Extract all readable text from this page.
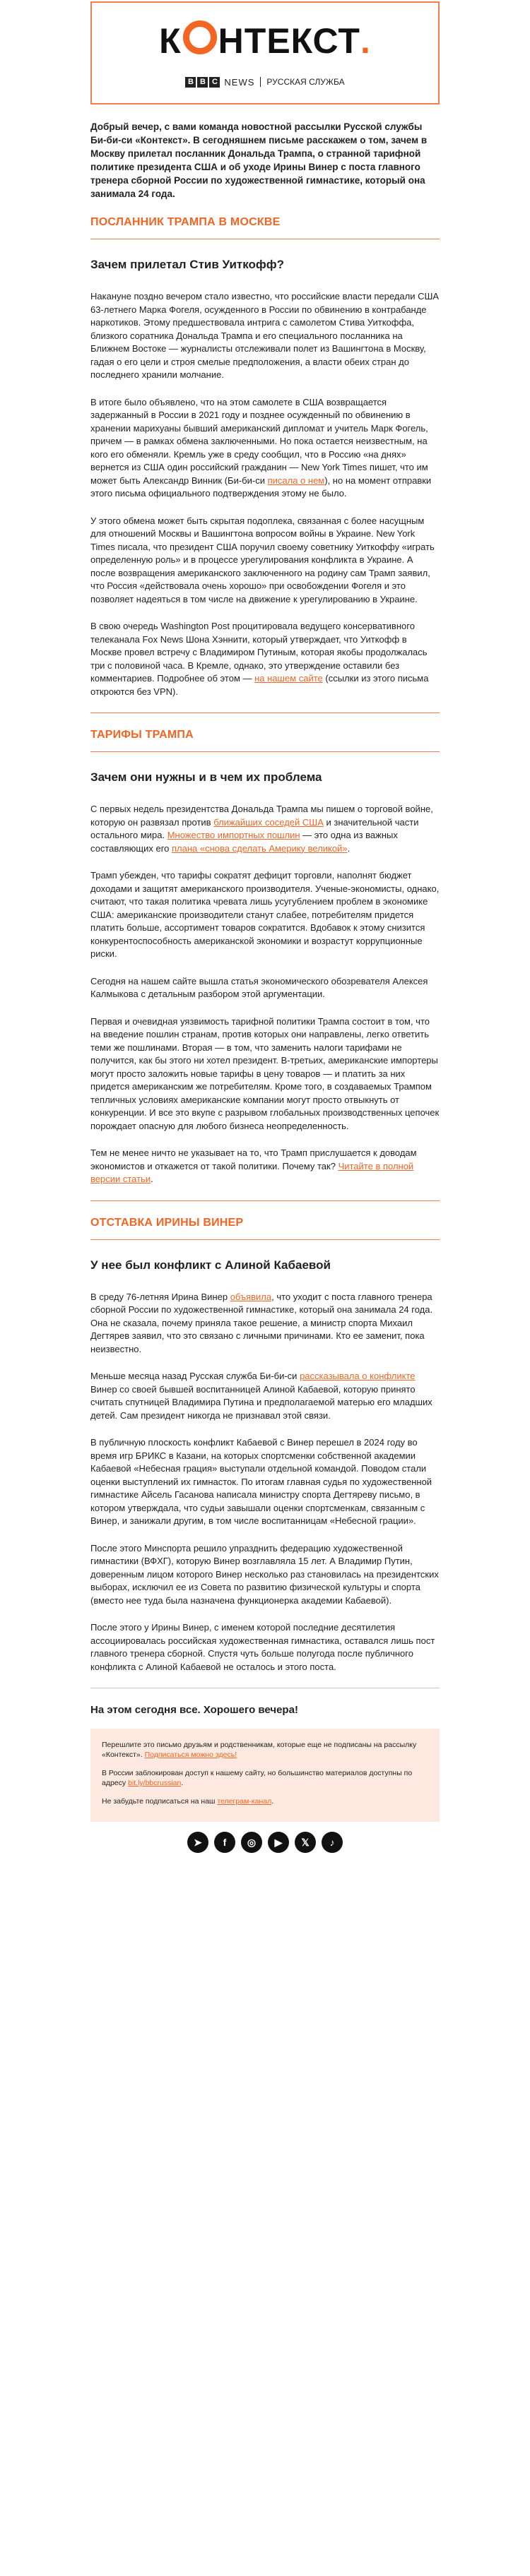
К НТЕКСТ .
B B C NEWS РУССКАЯ СЛУЖБА
Добрый вечер, с вами команда новостной рассылки Русской службы Би-би-си «Контекст». В сегодняшнем письме расскажем о том, зачем в Москву прилетал посланник Дональда Трампа, о странной тарифной политике президента США и об уходе Ирины Винер с поста главного тренера сборной России по художественной гимнастике, который она занимала 24 года.
ПОСЛАННИК ТРАМПА В МОСКВЕ
Зачем прилетал Стив Уиткофф?

Накануне поздно вечером стало известно, что российские власти передали США 63-летнего Марка Фогеля, осужденного в России по обвинению в контрабанде наркотиков. Этому предшествовала интрига с самолетом Стива Уиткоффа, близкого соратника Дональда Трампа и его специального посланника на Ближнем Востоке — журналисты отслеживали полет из Вашингтона в Москву, гадая о его цели и строя смелые предположения, а власти обеих стран до последнего хранили молчание.

В итоге было объявлено, что на этом самолете в США возвращается задержанный в России в 2021 году и позднее осужденный по обвинению в хранении марихуаны бывший американский дипломат и учитель Марк Фогель, причем — в рамках обмена заключенными. Но пока остается неизвестным, на кого его обменяли. Кремль уже в среду сообщил, что в Россию «на днях» вернется из США один российский гражданин — New York Times пишет, что им может быть Александр Винник (Би-би-си писала о нем), но на момент отправки этого письма официального подтверждения этому не было.

У этого обмена может быть скрытая подоплека, связанная с более насущным для отношений Москвы и Вашингтона вопросом войны в Украине. New York Times писала, что президент США поручил своему советнику Уиткоффу «играть определенную роль» и в процессе урегулирования конфликта в Украине. А после возвращения американского заключенного на родину сам Трамп заявил, что Россия «действовала очень хорошо» при освобождении Фогеля и это позволяет надеяться в том числе на движение к урегулированию в Украине.

В свою очередь Washington Post процитировала ведущего консервативного телеканала Fox News Шона Хэннити, который утверждает, что Уиткофф в Москве провел встречу с Владимиром Путиным, которая якобы продолжалась три с половиной часа. В Кремле, однако, это утверждение оставили без комментариев. Подробнее об этом — на нашем сайте (ссылки из этого письма откроются без VPN).

ТАРИФЫ ТРАМПА
Зачем они нужны и в чем их проблема

С первых недель президентства Дональда Трампа мы пишем о торговой войне, которую он развязал против ближайших соседей США и значительной части остального мира. Множество импортных пошлин — это одна из важных составляющих его плана «снова сделать Америку великой».

Трамп убежден, что тарифы сократят дефицит торговли, наполнят бюджет доходами и защитят американского производителя. Ученые-экономисты, однако, считают, что такая политика чревата лишь усугублением проблем в экономике США: американские производители станут слабее, потребителям придется платить больше, ассортимент товаров сократится. Вдобавок к этому снизится конкурентоспособность американской экономики и возрастут коррупционные риски.

Сегодня на нашем сайте вышла статья экономического обозревателя Алексея Калмыкова с детальным разбором этой аргументации.

Первая и очевидная уязвимость тарифной политики Трампа состоит в том, что на введение пошлин странам, против которых они направлены, легко ответить теми же пошлинами. Вторая — в том, что заменить налоги тарифами не получится, как бы этого ни хотел президент. В-третьих, американские импортеры могут просто заложить новые тарифы в цену товаров — и платить за них придется американским же потребителям. Кроме того, в создаваемых Трампом тепличных условиях американские компании могут просто отвыкнуть от конкуренции. И все это вкупе с разрывом глобальных производственных цепочек порождает опасную для любого бизнеса неопределенность.

Тем не менее ничто не указывает на то, что Трамп прислушается к доводам экономистов и откажется от такой политики. Почему так? Читайте в полной версии статьи.

ОТСТАВКА ИРИНЫ ВИНЕР
У нее был конфликт с Алиной Кабаевой

В среду 76-летняя Ирина Винер объявила, что уходит с поста главного тренера сборной России по художественной гимнастике, который она занимала 24 года. Она не сказала, почему приняла такое решение, а министр спорта Михаил Дегтярев заявил, что это связано с личными причинами. Кто ее заменит, пока неизвестно.

Меньше месяца назад Русская служба Би-би-си рассказывала о конфликте Винер со своей бывшей воспитанницей Алиной Кабаевой, которую принято считать спутницей Владимира Путина и предполагаемой матерью его младших детей. Сам президент никогда не признавал этой связи.

В публичную плоскость конфликт Кабаевой с Винер перешел в 2024 году во время игр БРИКС в Казани, на которых спортсменки собственной академии Кабаевой «Небесная грация» выступали отдельной командой. Поводом стали оценки выступлений их гимнасток. По итогам главная судья по художественной гимнастике Айсель Гасанова написала министру спорта Дегтяреву письмо, в котором утверждала, что судьи завышали оценки спортсменкам, связанным с Винер, и занижали другим, в том числе воспитанницам «Небесной грации».

После этого Минспорта решило упразднить федерацию художественной гимнастики (ВФХГ), которую Винер возглавляла 15 лет. А Владимир Путин, доверенным лицом которого Винер несколько раз становилась на президентских выборах, исключил ее из Совета по развитию физической культуры и спорта (вместо нее туда была назначена функционерка академии Кабаевой).

После этого у Ирины Винер, с именем которой последние десятилетия ассоциировалась российская художественная гимнастика, оставался лишь пост главного тренера сборной. Спустя чуть больше полугода после публичного конфликта с Алиной Кабаевой не осталось и этого поста.

На этом сегодня все. Хорошего вечера!

Перешлите это письмо друзьям и родственникам, которые еще не подписаны на рассылку «Контекст». Подписаться можно здесь!

В России заблокирован доступ к нашему сайту, но большинство материалов доступны по адресу bit.ly/bbcrussian.

Не забудьте подписаться на наш телеграм-канал.

➤	f	◎	▶	𝕏	♪
